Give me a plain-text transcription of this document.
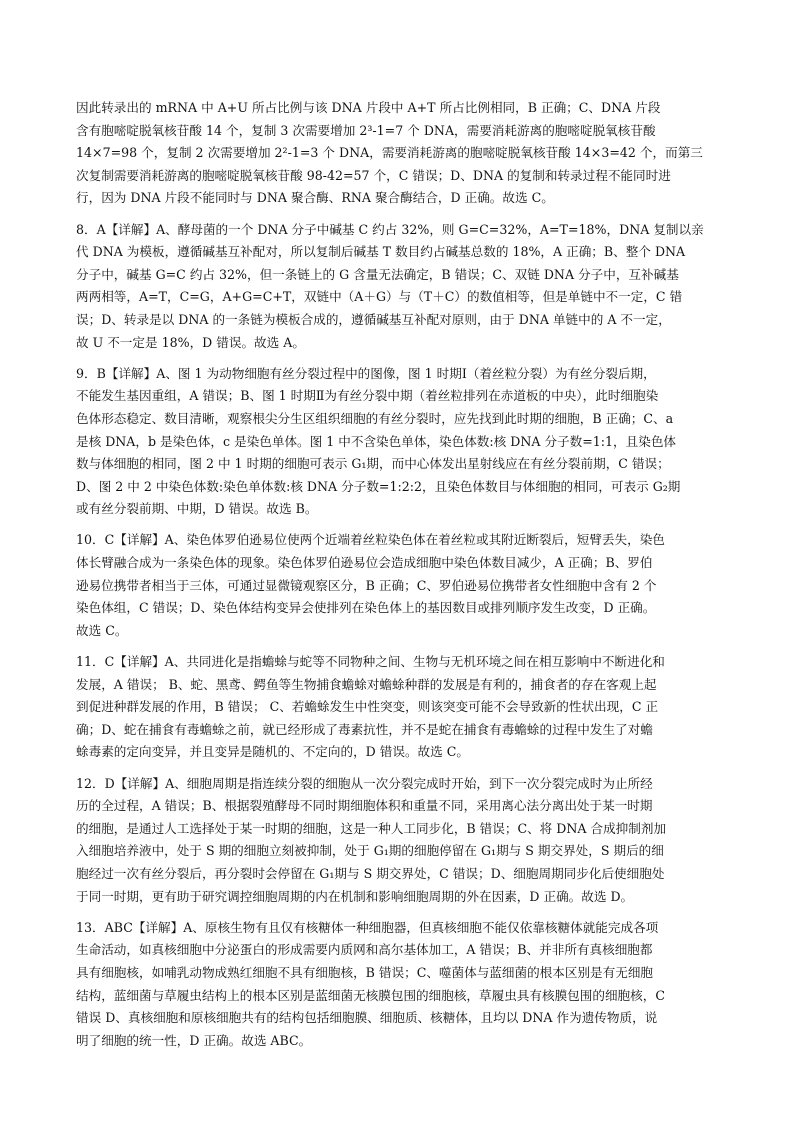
因此转录出的 mRNA 中 A+U 所占比例与该 DNA 片段中 A+T 所占比例相同，B 正确；C、DNA 片段
含有胞嘧啶脱氧核苷酸 14 个，复制 3 次需要增加 2³-1=7 个 DNA，需要消耗游离的胞嘧啶脱氧核苷酸
14×7=98 个，复制 2 次需要增加 2²-1=3 个 DNA，需要消耗游离的胞嘧啶脱氧核苷酸 14×3=42 个，而第三
次复制需要消耗游离的胞嘧啶脱氧核苷酸 98-42=57 个，C 错误；D、DNA 的复制和转录过程不能同时进
行，因为 DNA 片段不能同时与 DNA 聚合酶、RNA 聚合酶结合，D 正确。故选 C。
8．A【详解】A、酵母菌的一个 DNA 分子中碱基 C 约占 32%，则 G=C=32%，A=T=18%，DNA 复制以亲
代 DNA 为模板，遵循碱基互补配对，所以复制后碱基 T 数目约占碱基总数的 18%，A 正确；B、整个 DNA
分子中，碱基 G=C 约占 32%，但一条链上的 G 含量无法确定，B 错误；C、双链 DNA 分子中，互补碱基
两两相等，A=T，C=G，A+G=C+T，双链中（A＋G）与（T＋C）的数值相等，但是单链中不一定，C 错
误；D、转录是以 DNA 的一条链为模板合成的，遵循碱基互补配对原则，由于 DNA 单链中的 A 不一定，
故 U 不一定是 18%，D 错误。故选 A。
9．B【详解】A、图 1 为动物细胞有丝分裂过程中的图像，图 1 时期Ⅰ（着丝粒分裂）为有丝分裂后期，
不能发生基因重组，A 错误；B、图 1 时期Ⅱ为有丝分裂中期（着丝粒排列在赤道板的中央），此时细胞染
色体形态稳定、数目清晰，观察根尖分生区组织细胞的有丝分裂时，应先找到此时期的细胞，B 正确；C、a
是核 DNA，b 是染色体，c 是染色单体。图 1 中不含染色单体，染色体数:核 DNA 分子数=1:1，且染色体
数与体细胞的相同，图 2 中 1 时期的细胞可表示 G₁期，而中心体发出星射线应在有丝分裂前期，C 错误；
D、图 2 中 2 中染色体数:染色单体数:核 DNA 分子数=1:2:2，且染色体数目与体细胞的相同，可表示 G₂期
或有丝分裂前期、中期，D 错误。故选 B。
10．C【详解】A、染色体罗伯逊易位使两个近端着丝粒染色体在着丝粒或其附近断裂后，短臂丢失，染色
体长臂融合成为一条染色体的现象。染色体罗伯逊易位会造成细胞中染色体数目减少，A 正确；B、罗伯
逊易位携带者相当于三体，可通过显微镜观察区分，B 正确；C、罗伯逊易位携带者女性细胞中含有 2 个
染色体组，C 错误；D、染色体结构变异会使排列在染色体上的基因数目或排列顺序发生改变，D 正确。
故选 C。
11．C【详解】A、共同进化是指蟾蜍与蛇等不同物种之间、生物与无机环境之间在相互影响中不断进化和
发展，A 错误； B、蛇、黑鸢、鳄鱼等生物捕食蟾蜍对蟾蜍种群的发展是有利的，捕食者的存在客观上起
到促进种群发展的作用，B 错误； C、若蟾蜍发生中性突变，则该突变可能不会导致新的性状出现，C 正
确；D、蛇在捕食有毒蟾蜍之前，就已经形成了毒素抗性，并不是蛇在捕食有毒蟾蜍的过程中发生了对蟾
蜍毒素的定向变异，并且变异是随机的、不定向的，D 错误。故选 C。
12．D【详解】A、细胞周期是指连续分裂的细胞从一次分裂完成时开始，到下一次分裂完成时为止所经
历的全过程，A 错误；B、根据裂殖酵母不同时期细胞体积和重量不同，采用离心法分离出处于某一时期
的细胞，是通过人工选择处于某一时期的细胞，这是一种人工同步化，B 错误；C、将 DNA 合成抑制剂加
入细胞培养液中，处于 S 期的细胞立刻被抑制，处于 G₁期的细胞停留在 G₁期与 S 期交界处，S 期后的细
胞经过一次有丝分裂后，再分裂时会停留在 G₁期与 S 期交界处，C 错误；D、细胞周期同步化后使细胞处
于同一时期，更有助于研究调控细胞周期的内在机制和影响细胞周期的外在因素，D 正确。故选 D。
13．ABC【详解】A、原核生物有且仅有核糖体一种细胞器，但真核细胞不能仅依靠核糖体就能完成各项
生命活动，如真核细胞中分泌蛋白的形成需要内质网和高尔基体加工，A 错误；B、并非所有真核细胞都
具有细胞核，如哺乳动物成熟红细胞不具有细胞核，B 错误；C、噬菌体与蓝细菌的根本区别是有无细胞
结构，蓝细菌与草履虫结构上的根本区别是蓝细菌无核膜包围的细胞核，草履虫具有核膜包围的细胞核，C
错误 D、真核细胞和原核细胞共有的结构包括细胞膜、细胞质、核糖体，且均以 DNA 作为遗传物质，说
明了细胞的统一性，D 正确。故选 ABC。
